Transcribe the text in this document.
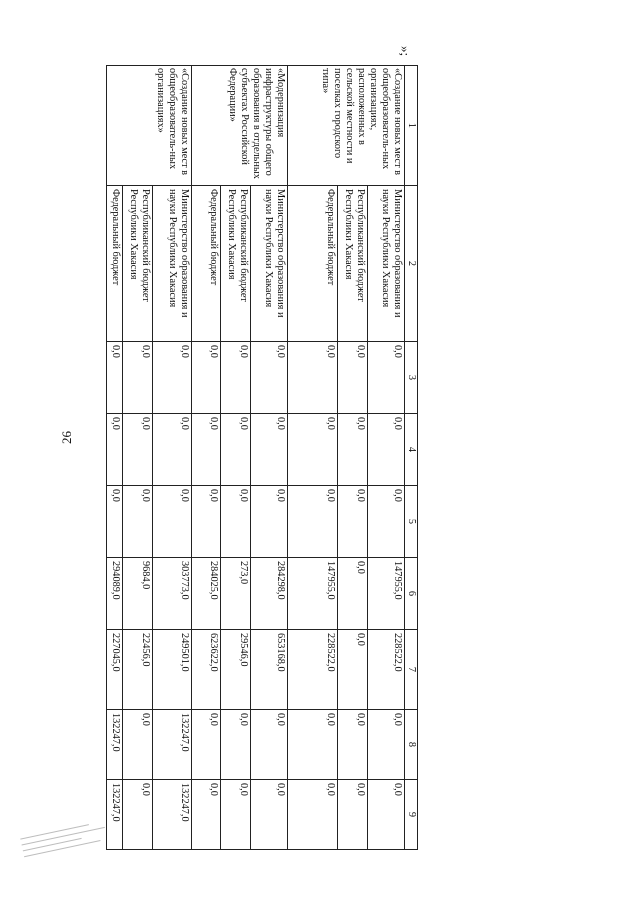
26
»;
1	2	3	4	5	6	7	8	9
«Создание новых мест в общеобразователь-ных организациях, расположенных в сельской местности и поселках городского типа»	Министерство образования и науки Республики Хакасия	0,0	0,0	0,0	147955,0	228522,0	0,0	0,0
	Республиканский бюджет Республики Хакасия	0,0	0,0	0,0	0,0	0,0	0,0	0,0
	Федеральный бюджет	0,0	0,0	0,0	147955,0	228522,0	0,0	0,0
«Модернизация инфраструктуры общего образования в отдельных субъектах Российской Федерации»	Министерство образования и науки Республики Хакасия	0,0	0,0	0,0	284298,0	653168,0	0,0	0,0
	Республиканский бюджет Республики Хакасия	0,0	0,0	0,0	273,0	29546,0	0,0	0,0
	Федеральный бюджет	0,0	0,0	0,0	284025,0	623622,0	0,0	0,0
«Создание новых мест в общеобразователь-ных организациях»	Министерство образования и науки Республики Хакасия	0,0	0,0	0,0	303773,0	249501,0	132247,0	132247,0
	Республиканский бюджет Республики Хакасия	0,0	0,0	0,0	9684,0	22456,0	0,0	0,0
	Федеральный бюджет	0,0	0,0	0,0	294089,0	227045,0	132247,0	132247,0
